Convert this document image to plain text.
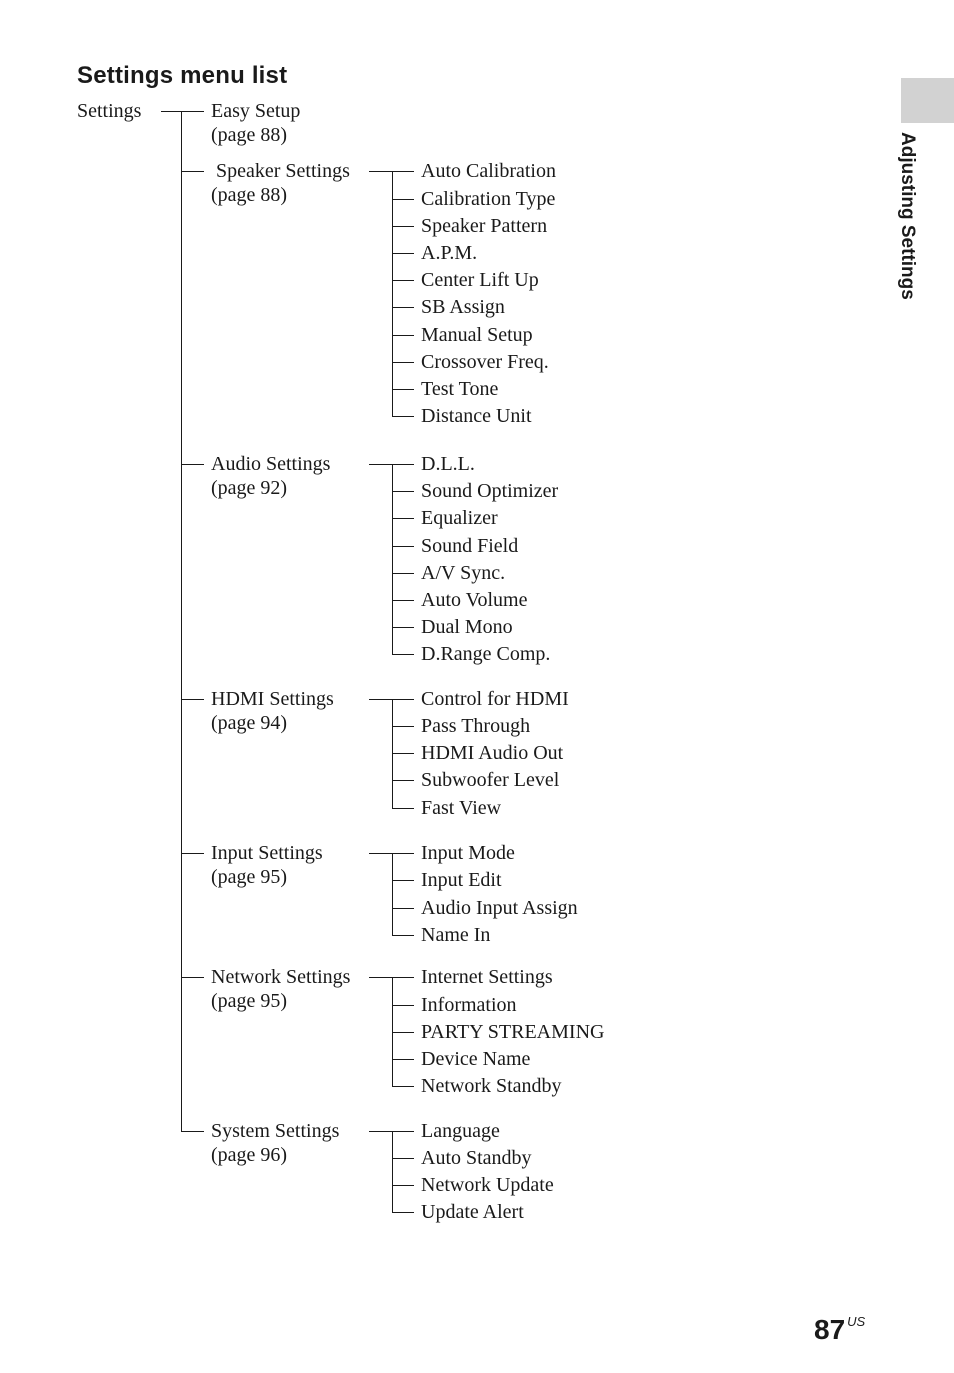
Settings menu list
Settings	Easy Setup
(page 88)
Speaker Settings
(page 88)
Auto Calibration
Calibration Type
Speaker Pattern
A.P.M.
Center Lift Up
SB Assign
Manual Setup
Crossover Freq.
Test Tone
Distance Unit
Audio Settings
(page 92)
D.L.L.
Sound Optimizer
Equalizer
Sound Field
A/V Sync.
Auto Volume
Dual Mono
D.Range Comp.
HDMI Settings
(page 94)
Control for HDMI
Pass Through
HDMI Audio Out
Subwoofer Level
Fast View
Input Settings
(page 95)
Input Mode
Input Edit
Audio Input Assign
Name In
Network Settings
(page 95)
Internet Settings
Information
PARTY STREAMING
Device Name
Network Standby
System Settings
(page 96)
Language
Auto Standby
Network Update
Update Alert
Adjusting Settings
87 $^{US}$
